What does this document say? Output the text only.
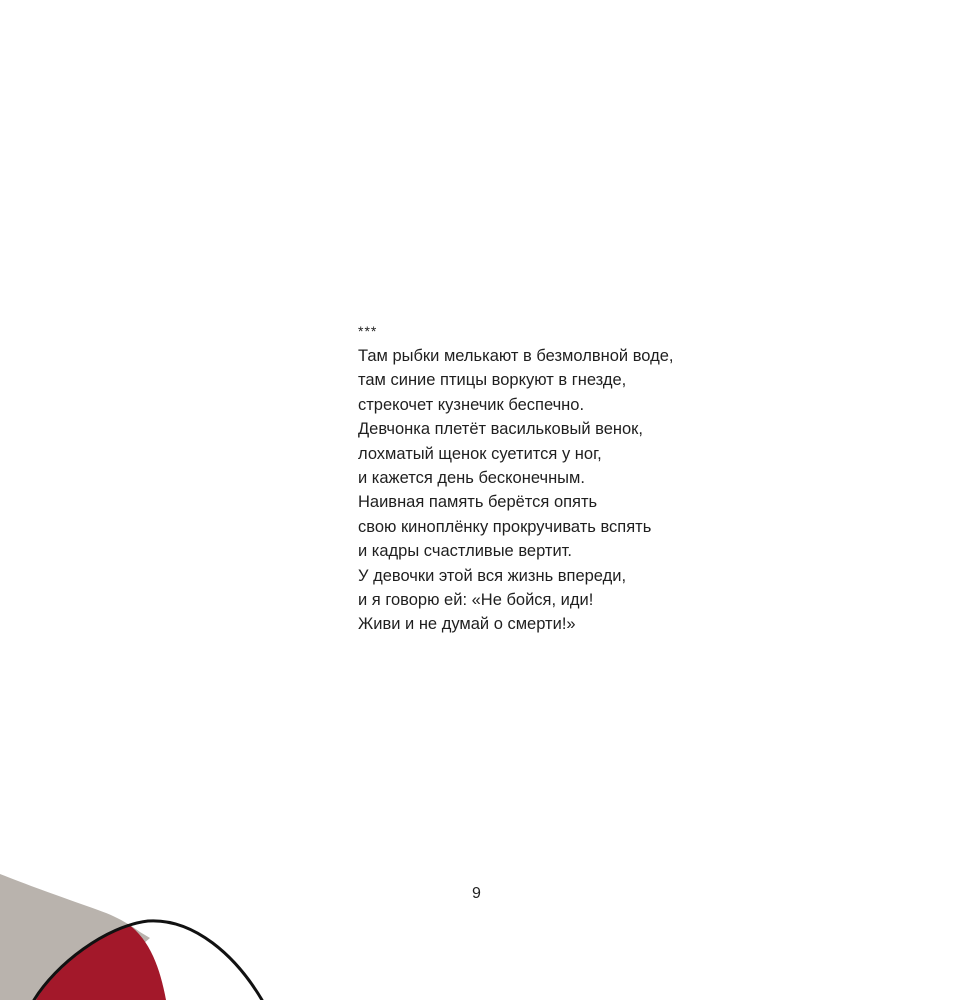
***
Там рыбки мелькают в безмолвной воде,
там синие птицы воркуют в гнезде,
стрекочет кузнечик беспечно.
Девчонка плетёт васильковый венок,
лохматый щенок суетится у ног,
и кажется день бесконечным.
Наивная память берётся опять
свою киноплёнку прокручивать вспять
и кадры счастливые вертит.
У девочки этой вся жизнь впереди,
и я говорю ей: «Не бойся, иди!
Живи и не думай о смерти!»
9
